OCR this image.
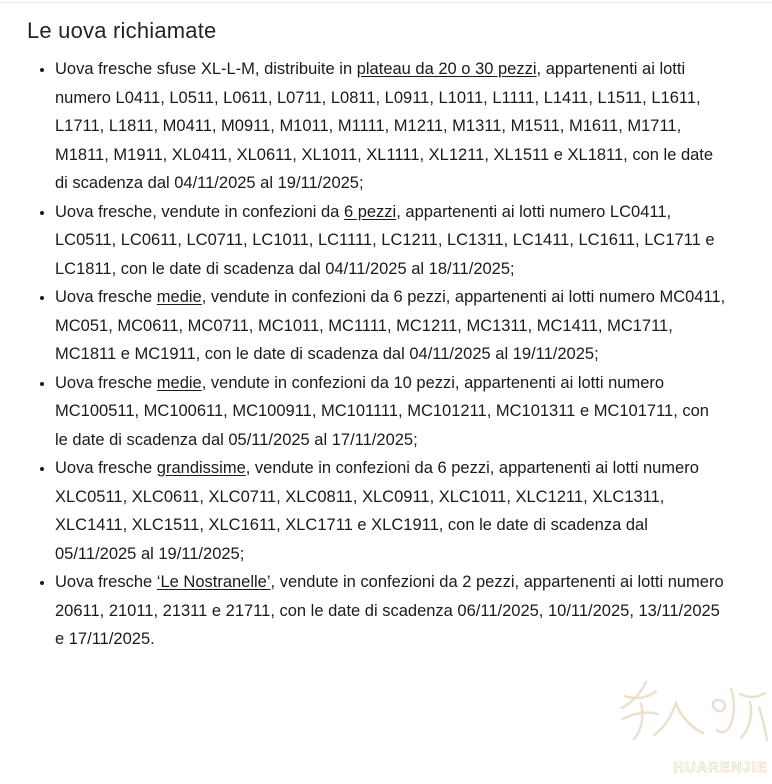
Le uova richiamate
• Uova fresche sfuse XL-L-M, distribuite in plateau da 20 o 30 pezzi, appartenenti ai lotti numero L0411, L0511, L0611, L0711, L0811, L0911, L1011, L1111, L1411, L1511, L1611, L1711, L1811, M0411, M0911, M1011, M1111, M1211, M1311, M1511, M1611, M1711, M1811, M1911, XL0411, XL0611, XL1011, XL1111, XL1211, XL1511 e XL1811, con le date di scadenza dal 04/11/2025 al 19/11/2025;
• Uova fresche, vendute in confezioni da 6 pezzi, appartenenti ai lotti numero LC0411, LC0511, LC0611, LC0711, LC1011, LC1111, LC1211, LC1311, LC1411, LC1611, LC1711 e LC1811, con le date di scadenza dal 04/11/2025 al 18/11/2025;
• Uova fresche medie, vendute in confezioni da 6 pezzi, appartenenti ai lotti numero MC0411, MC051, MC0611, MC0711, MC1011, MC1111, MC1211, MC1311, MC1411, MC1711, MC1811 e MC1911, con le date di scadenza dal 04/11/2025 al 19/11/2025;
• Uova fresche medie, vendute in confezioni da 10 pezzi, appartenenti ai lotti numero MC100511, MC100611, MC100911, MC101111, MC101211, MC101311 e MC101711, con le date di scadenza dal 05/11/2025 al 17/11/2025;
• Uova fresche grandissime, vendute in confezioni da 6 pezzi, appartenenti ai lotti numero XLC0511, XLC0611, XLC0711, XLC0811, XLC0911, XLC1011, XLC1211, XLC1311, XLC1411, XLC1511, XLC1611, XLC1711 e XLC1911, con le date di scadenza dal 05/11/2025 al 19/11/2025;
• Uova fresche ‘Le Nostranelle’, vendute in confezioni da 2 pezzi, appartenenti ai lotti numero 20611, 21011, 21311 e 21711, con le date di scadenza 06/11/2025, 10/11/2025, 13/11/2025 e 17/11/2025.
HUARENJIE
